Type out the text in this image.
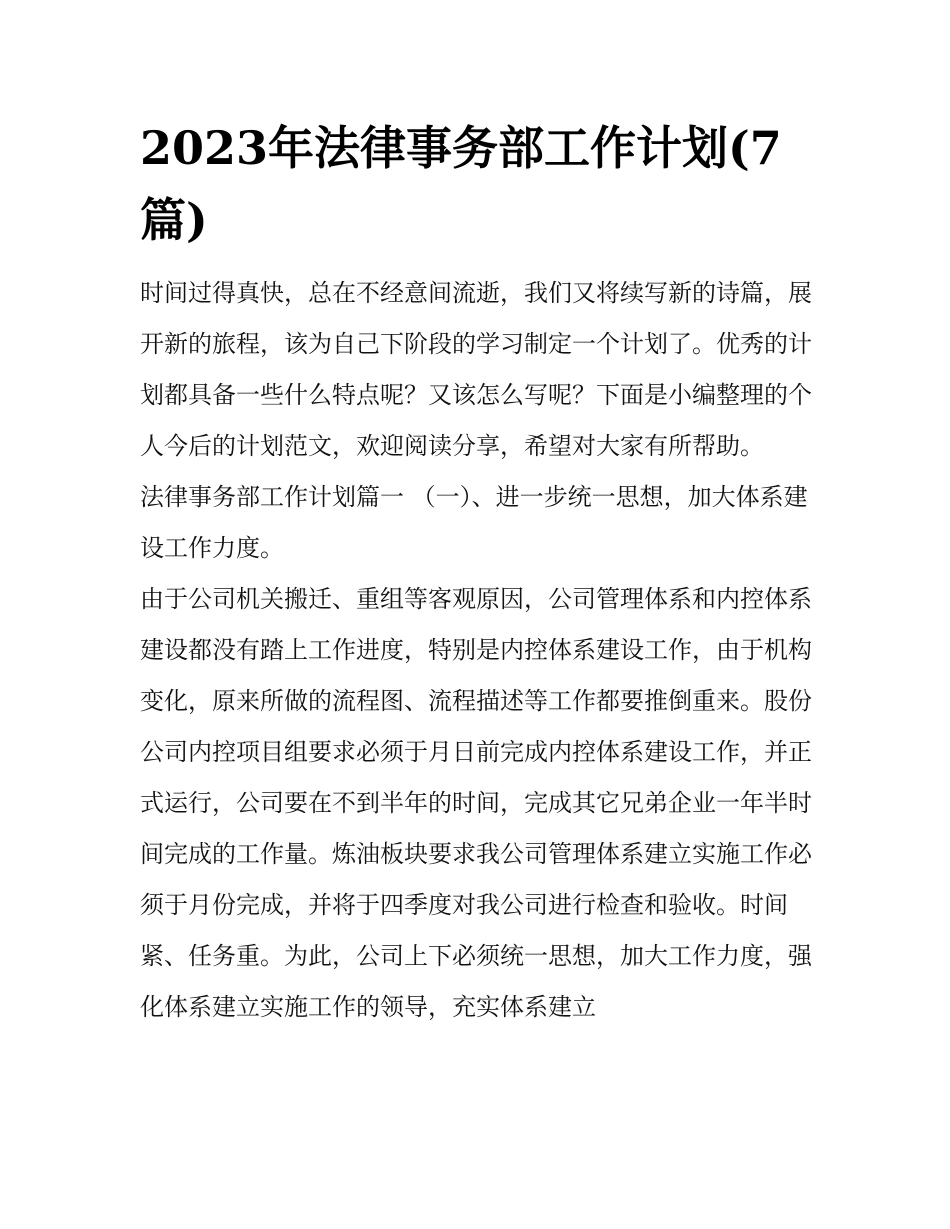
2023年法律事务部工作计划(7篇)

时间过得真快，总在不经意间流逝，我们又将续写新的诗篇，展开新的旅程，该为自己下阶段的学习制定一个计划了。优秀的计划都具备一些什么特点呢？又该怎么写呢？下面是小编整理的个人今后的计划范文，欢迎阅读分享，希望对大家有所帮助。

法律事务部工作计划篇一 （一）、进一步统一思想，加大体系建设工作力度。

由于公司机关搬迁、重组等客观原因，公司管理体系和内控体系建设都没有踏上工作进度，特别是内控体系建设工作，由于机构变化，原来所做的流程图、流程描述等工作都要推倒重来。股份公司内控项目组要求必须于月日前完成内控体系建设工作，并正式运行，公司要在不到半年的时间，完成其它兄弟企业一年半时间完成的工作量。炼油板块要求我公司管理体系建立实施工作必须于月份完成，并将于四季度对我公司进行检查和验收。时间紧、任务重。为此，公司上下必须统一思想，加大工作力度，强化体系建立实施工作的领导，充实体系建立
